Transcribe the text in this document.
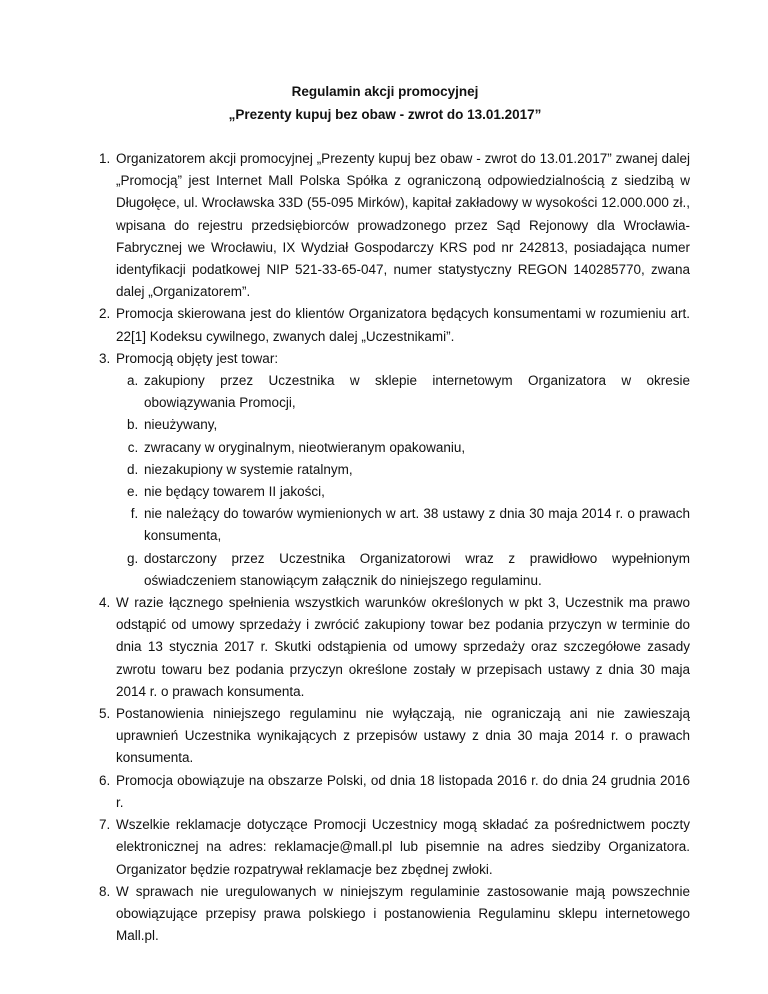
Regulamin akcji promocyjnej

„Prezenty kupuj bez obaw - zwrot do 13.01.2017”

1. Organizatorem akcji promocyjnej „Prezenty kupuj bez obaw - zwrot do 13.01.2017” zwanej dalej „Promocją” jest Internet Mall Polska Spółka z ograniczoną odpowiedzialnością z siedzibą w Długołęce, ul. Wrocławska 33D (55-095 Mirków), kapitał zakładowy w wysokości 12.000.000 zł., wpisana do rejestru przedsiębiorców prowadzonego przez Sąd Rejonowy dla Wrocławia-Fabrycznej we Wrocławiu, IX Wydział Gospodarczy KRS pod nr 242813, posiadająca numer identyfikacji podatkowej NIP 521-33-65-047, numer statystyczny REGON 140285770, zwana dalej „Organizatorem”.
2. Promocja skierowana jest do klientów Organizatora będących konsumentami w rozumieniu art. 22[1] Kodeksu cywilnego, zwanych dalej „Uczestnikami”.
3. Promocją objęty jest towar:
a. zakupiony przez Uczestnika w sklepie internetowym Organizatora w okresie obowiązywania Promocji,
b. nieużywany,
c. zwracany w oryginalnym, nieotwieranym opakowaniu,
d. niezakupiony w systemie ratalnym,
e. nie będący towarem II jakości,
f. nie należący do towarów wymienionych w art. 38 ustawy z dnia 30 maja 2014 r. o prawach konsumenta,
g. dostarczony przez Uczestnika Organizatorowi wraz z prawidłowo wypełnionym oświadczeniem stanowiącym załącznik do niniejszego regulaminu.
4. W razie łącznego spełnienia wszystkich warunków określonych w pkt 3, Uczestnik ma prawo odstąpić od umowy sprzedaży i zwrócić zakupiony towar bez podania przyczyn w terminie do dnia 13 stycznia 2017 r. Skutki odstąpienia od umowy sprzedaży oraz szczegółowe zasady zwrotu towaru bez podania przyczyn określone zostały w przepisach ustawy z dnia 30 maja 2014 r. o prawach konsumenta.
5. Postanowienia niniejszego regulaminu nie wyłączają, nie ograniczają ani nie zawieszają uprawnień Uczestnika wynikających z przepisów ustawy z dnia 30 maja 2014 r. o prawach konsumenta.
6. Promocja obowiązuje na obszarze Polski, od dnia 18 listopada 2016 r. do dnia 24 grudnia 2016 r.
7. Wszelkie reklamacje dotyczące Promocji Uczestnicy mogą składać za pośrednictwem poczty elektronicznej na adres: reklamacje@mall.pl lub pisemnie na adres siedziby Organizatora. Organizator będzie rozpatrywał reklamacje bez zbędnej zwłoki.
8. W sprawach nie uregulowanych w niniejszym regulaminie zastosowanie mają powszechnie obowiązujące przepisy prawa polskiego i postanowienia Regulaminu sklepu internetowego Mall.pl.
